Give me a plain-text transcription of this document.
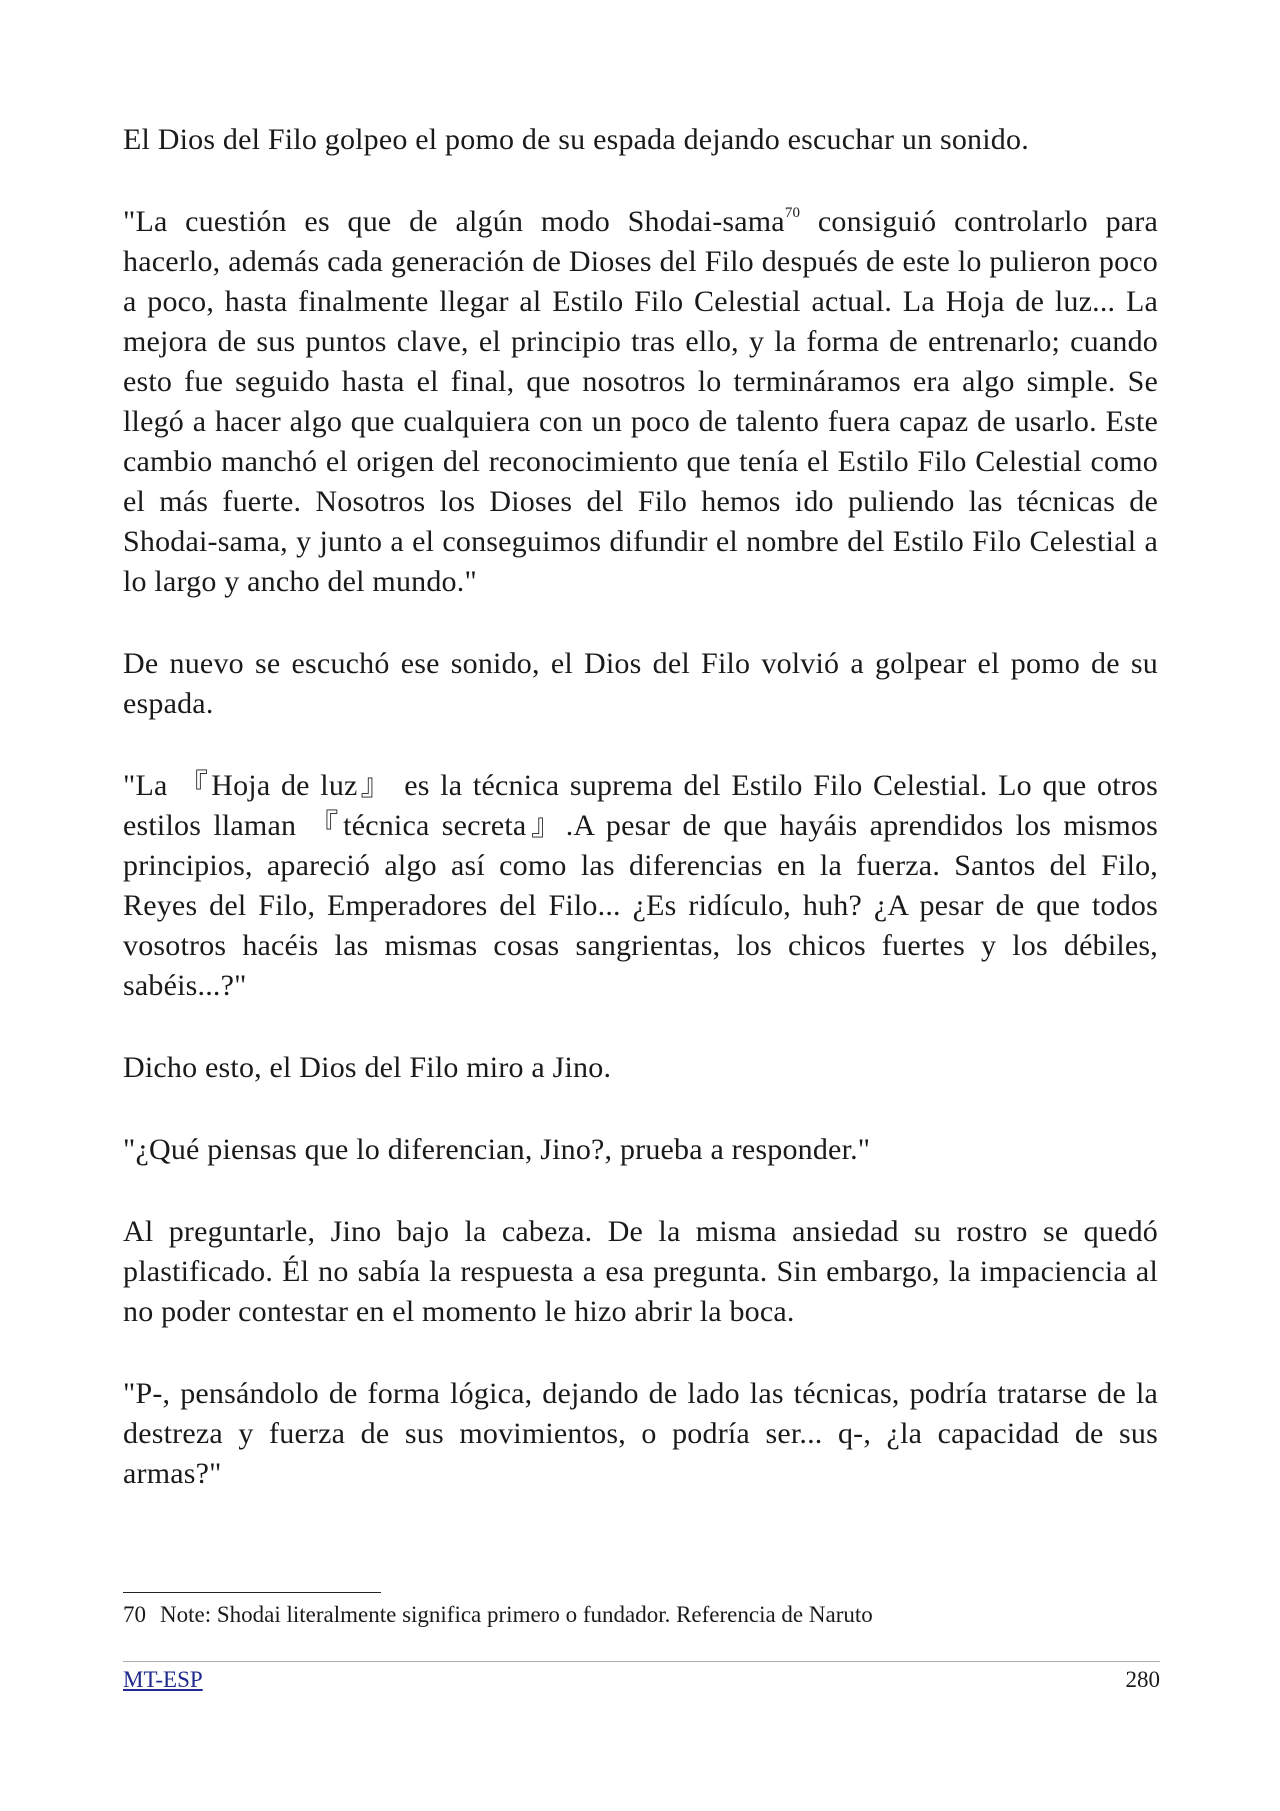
El Dios del Filo golpeo el pomo de su espada dejando escuchar un sonido.

"La cuestión es que de algún modo Shodai-sama$^{70}$ consiguió controlarlo para hacerlo, además cada generación de Dioses del Filo después de este lo pulieron poco a poco, hasta finalmente llegar al Estilo Filo Celestial actual. La Hoja de luz... La mejora de sus puntos clave, el principio tras ello, y la forma de entrenarlo; cuando esto fue seguido hasta el final, que nosotros lo termináramos era algo simple. Se llegó a hacer algo que cualquiera con un poco de talento fuera capaz de usarlo. Este cambio manchó el origen del reconocimiento que tenía el Estilo Filo Celestial como el más fuerte. Nosotros los Dioses del Filo hemos ido puliendo las técnicas de Shodai-sama, y junto a el conseguimos difundir el nombre del Estilo Filo Celestial a lo largo y ancho del mundo."

De nuevo se escuchó ese sonido, el Dios del Filo volvió a golpear el pomo de su espada.

"La 『Hoja de luz』 es la técnica suprema del Estilo Filo Celestial. Lo que otros estilos llaman 『técnica secreta』.A pesar de que hayáis aprendidos los mismos principios, apareció algo así como las diferencias en la fuerza. Santos del Filo, Reyes del Filo, Emperadores del Filo... ¿Es ridículo, huh? ¿A pesar de que todos vosotros hacéis las mismas cosas sangrientas, los chicos fuertes y los débiles, sabéis...?"

Dicho esto, el Dios del Filo miro a Jino.

"¿Qué piensas que lo diferencian, Jino?, prueba a responder."

Al preguntarle, Jino bajo la cabeza. De la misma ansiedad su rostro se quedó plastificado. Él no sabía la respuesta a esa pregunta. Sin embargo, la impaciencia al no poder contestar en el momento le hizo abrir la boca.

"P-, pensándolo de forma lógica, dejando de lado las técnicas, podría tratarse de la destreza y fuerza de sus movimientos, o podría ser... q-, ¿la capacidad de sus armas?"

70 Note: Shodai literalmente significa primero o fundador. Referencia de Naruto
MT-ESP	280
